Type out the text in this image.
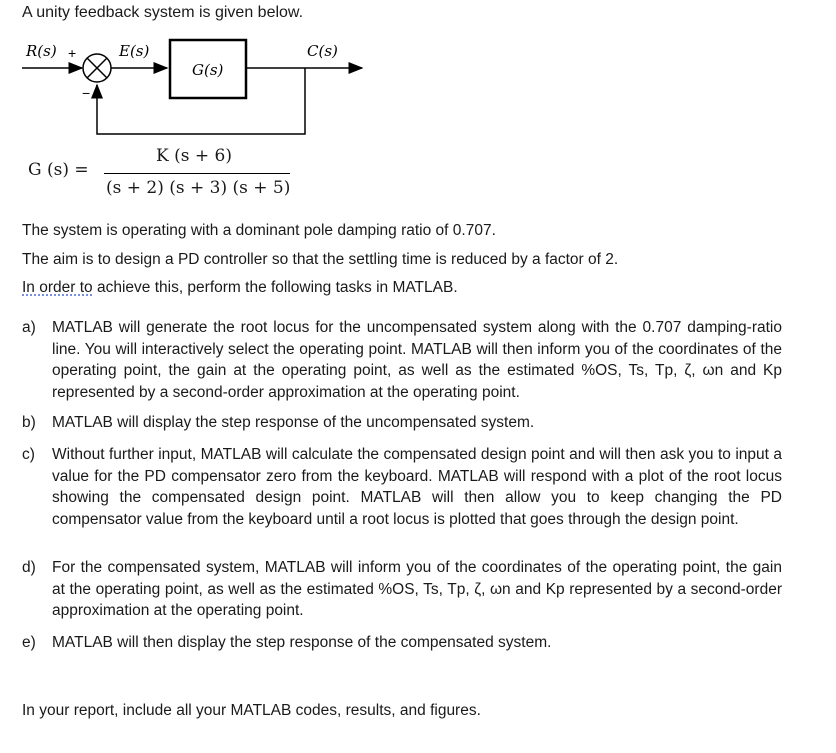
A unity feedback system is given below.
R(s) +
−
E(s)
G(s)
C(s)
G (s) =
K (s + 6)
(s + 2) (s + 3) (s + 5)
The system is operating with a dominant pole damping ratio of 0.707.
The aim is to design a PD controller so that the settling time is reduced by a factor of 2.
In order to achieve this, perform the following tasks in MATLAB.
a) MATLAB will generate the root locus for the uncompensated system along with the 0.707 damping-ratio line. You will interactively select the operating point. MATLAB will then inform you of the coordinates of the operating point, the gain at the operating point, as well as the estimated %OS, Ts, Tp, ζ, ωn and Kp represented by a second-order approximation at the operating point.
b) MATLAB will display the step response of the uncompensated system.
c) Without further input, MATLAB will calculate the compensated design point and will then ask you to input a value for the PD compensator zero from the keyboard. MATLAB will respond with a plot of the root locus showing the compensated design point. MATLAB will then allow you to keep changing the PD compensator value from the keyboard until a root locus is plotted that goes through the design point.
d) For the compensated system, MATLAB will inform you of the coordinates of the operating point, the gain at the operating point, as well as the estimated %OS, Ts, Tp, ζ, ωn and Kp represented by a second-order approximation at the operating point.
e) MATLAB will then display the step response of the compensated system.
In your report, include all your MATLAB codes, results, and figures.
